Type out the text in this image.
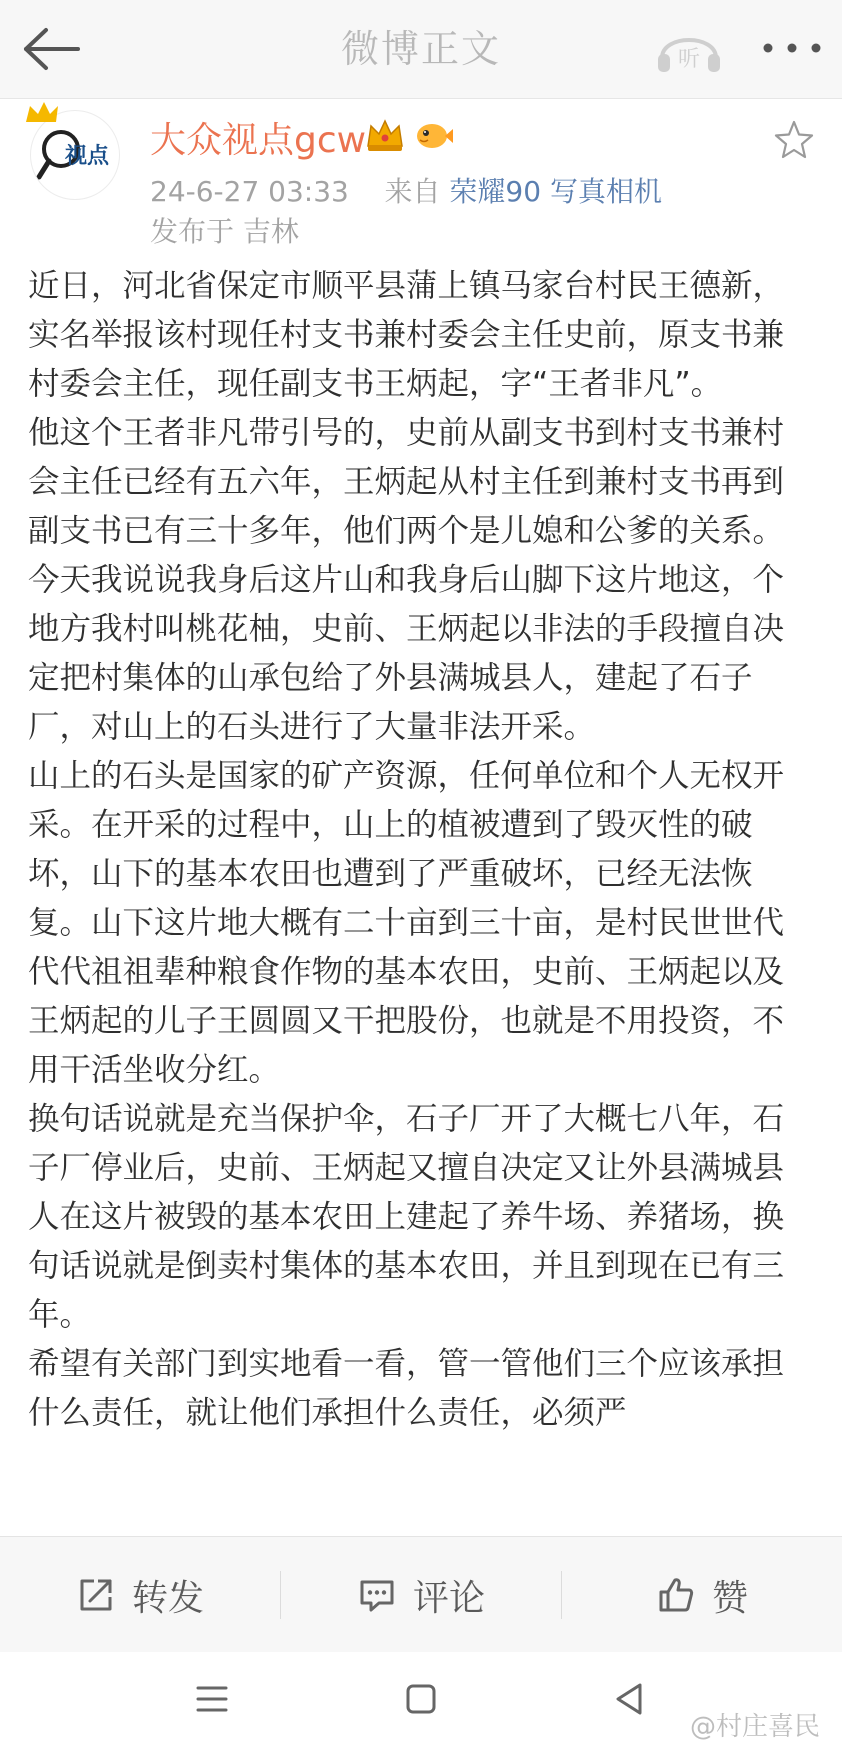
微博正文	听
视点 大众视点gcw
24-6-27 03:33 来自 荣耀90 写真相机
发布于 吉林

近日，河北省保定市顺平县蒲上镇马家台村民王德新，实名举报该村现任村支书兼村委会主任史前，原支书兼村委会主任，现任副支书王炳起，字“王者非凡”。

他这个王者非凡带引号的，史前从副支书到村支书兼村会主任已经有五六年，王炳起从村主任到兼村支书再到副支书已有三十多年，他们两个是儿媳和公爹的关系。

今天我说说我身后这片山和我身后山脚下这片地这，个地方我村叫桃花柚，史前、王炳起以非法的手段擅自决定把村集体的山承包给了外县满城县人，建起了石子厂，对山上的石头进行了大量非法开采。

山上的石头是国家的矿产资源，任何单位和个人无权开采。在开采的过程中，山上的植被遭到了毁灭性的破坏，山下的基本农田也遭到了严重破坏，已经无法恢复。山下这片地大概有二十亩到三十亩，是村民世世代代代祖祖辈种粮食作物的基本农田，史前、王炳起以及王炳起的儿子王圆圆又干把股份，也就是不用投资，不用干活坐收分红。

换句话说就是充当保护伞，石子厂开了大概七八年，石子厂停业后，史前、王炳起又擅自决定又让外县满城县人在这片被毁的基本农田上建起了养牛场、养猪场，换句话说就是倒卖村集体的基本农田，并且到现在已有三年。

希望有关部门到实地看一看，管一管他们三个应该承担什么责任，就让他们承担什么责任，必须严

转发	评论	赞
@村庄喜民
